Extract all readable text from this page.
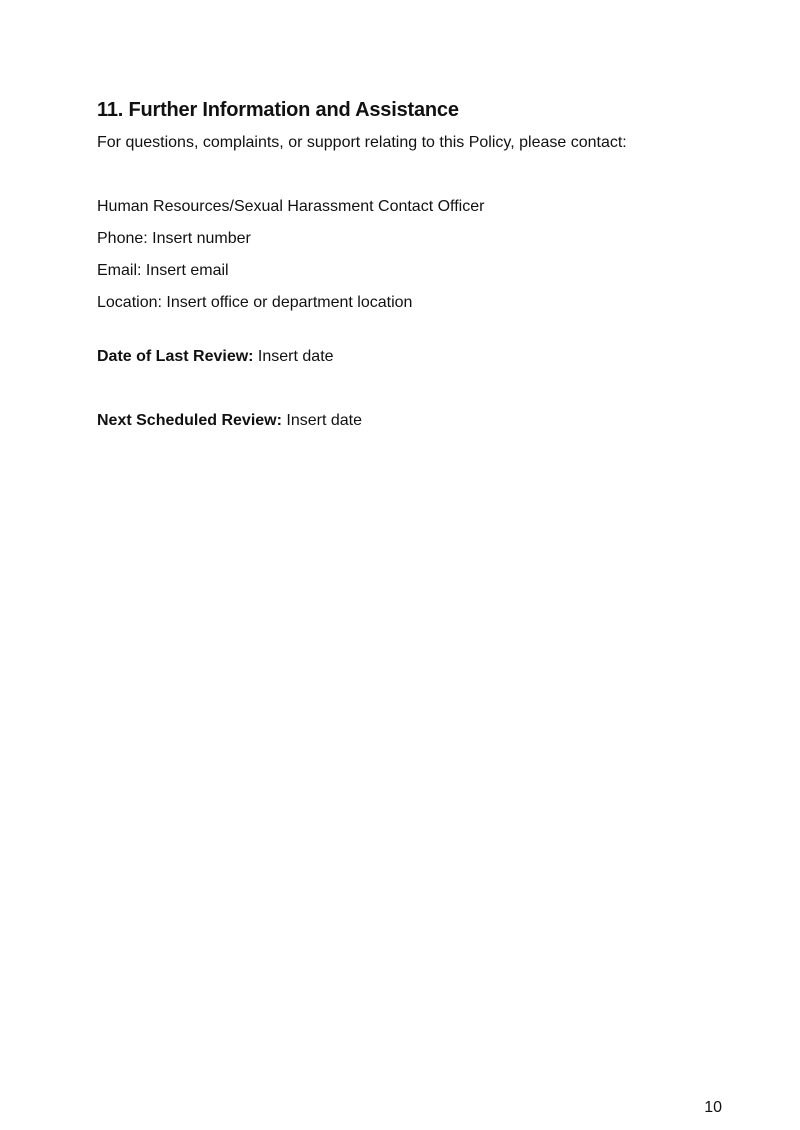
11. Further Information and Assistance

For questions, complaints, or support relating to this Policy, please contact:

Human Resources/Sexual Harassment Contact Officer

Phone: Insert number

Email: Insert email

Location: Insert office or department location

Date of Last Review: Insert date

Next Scheduled Review: Insert date

10
